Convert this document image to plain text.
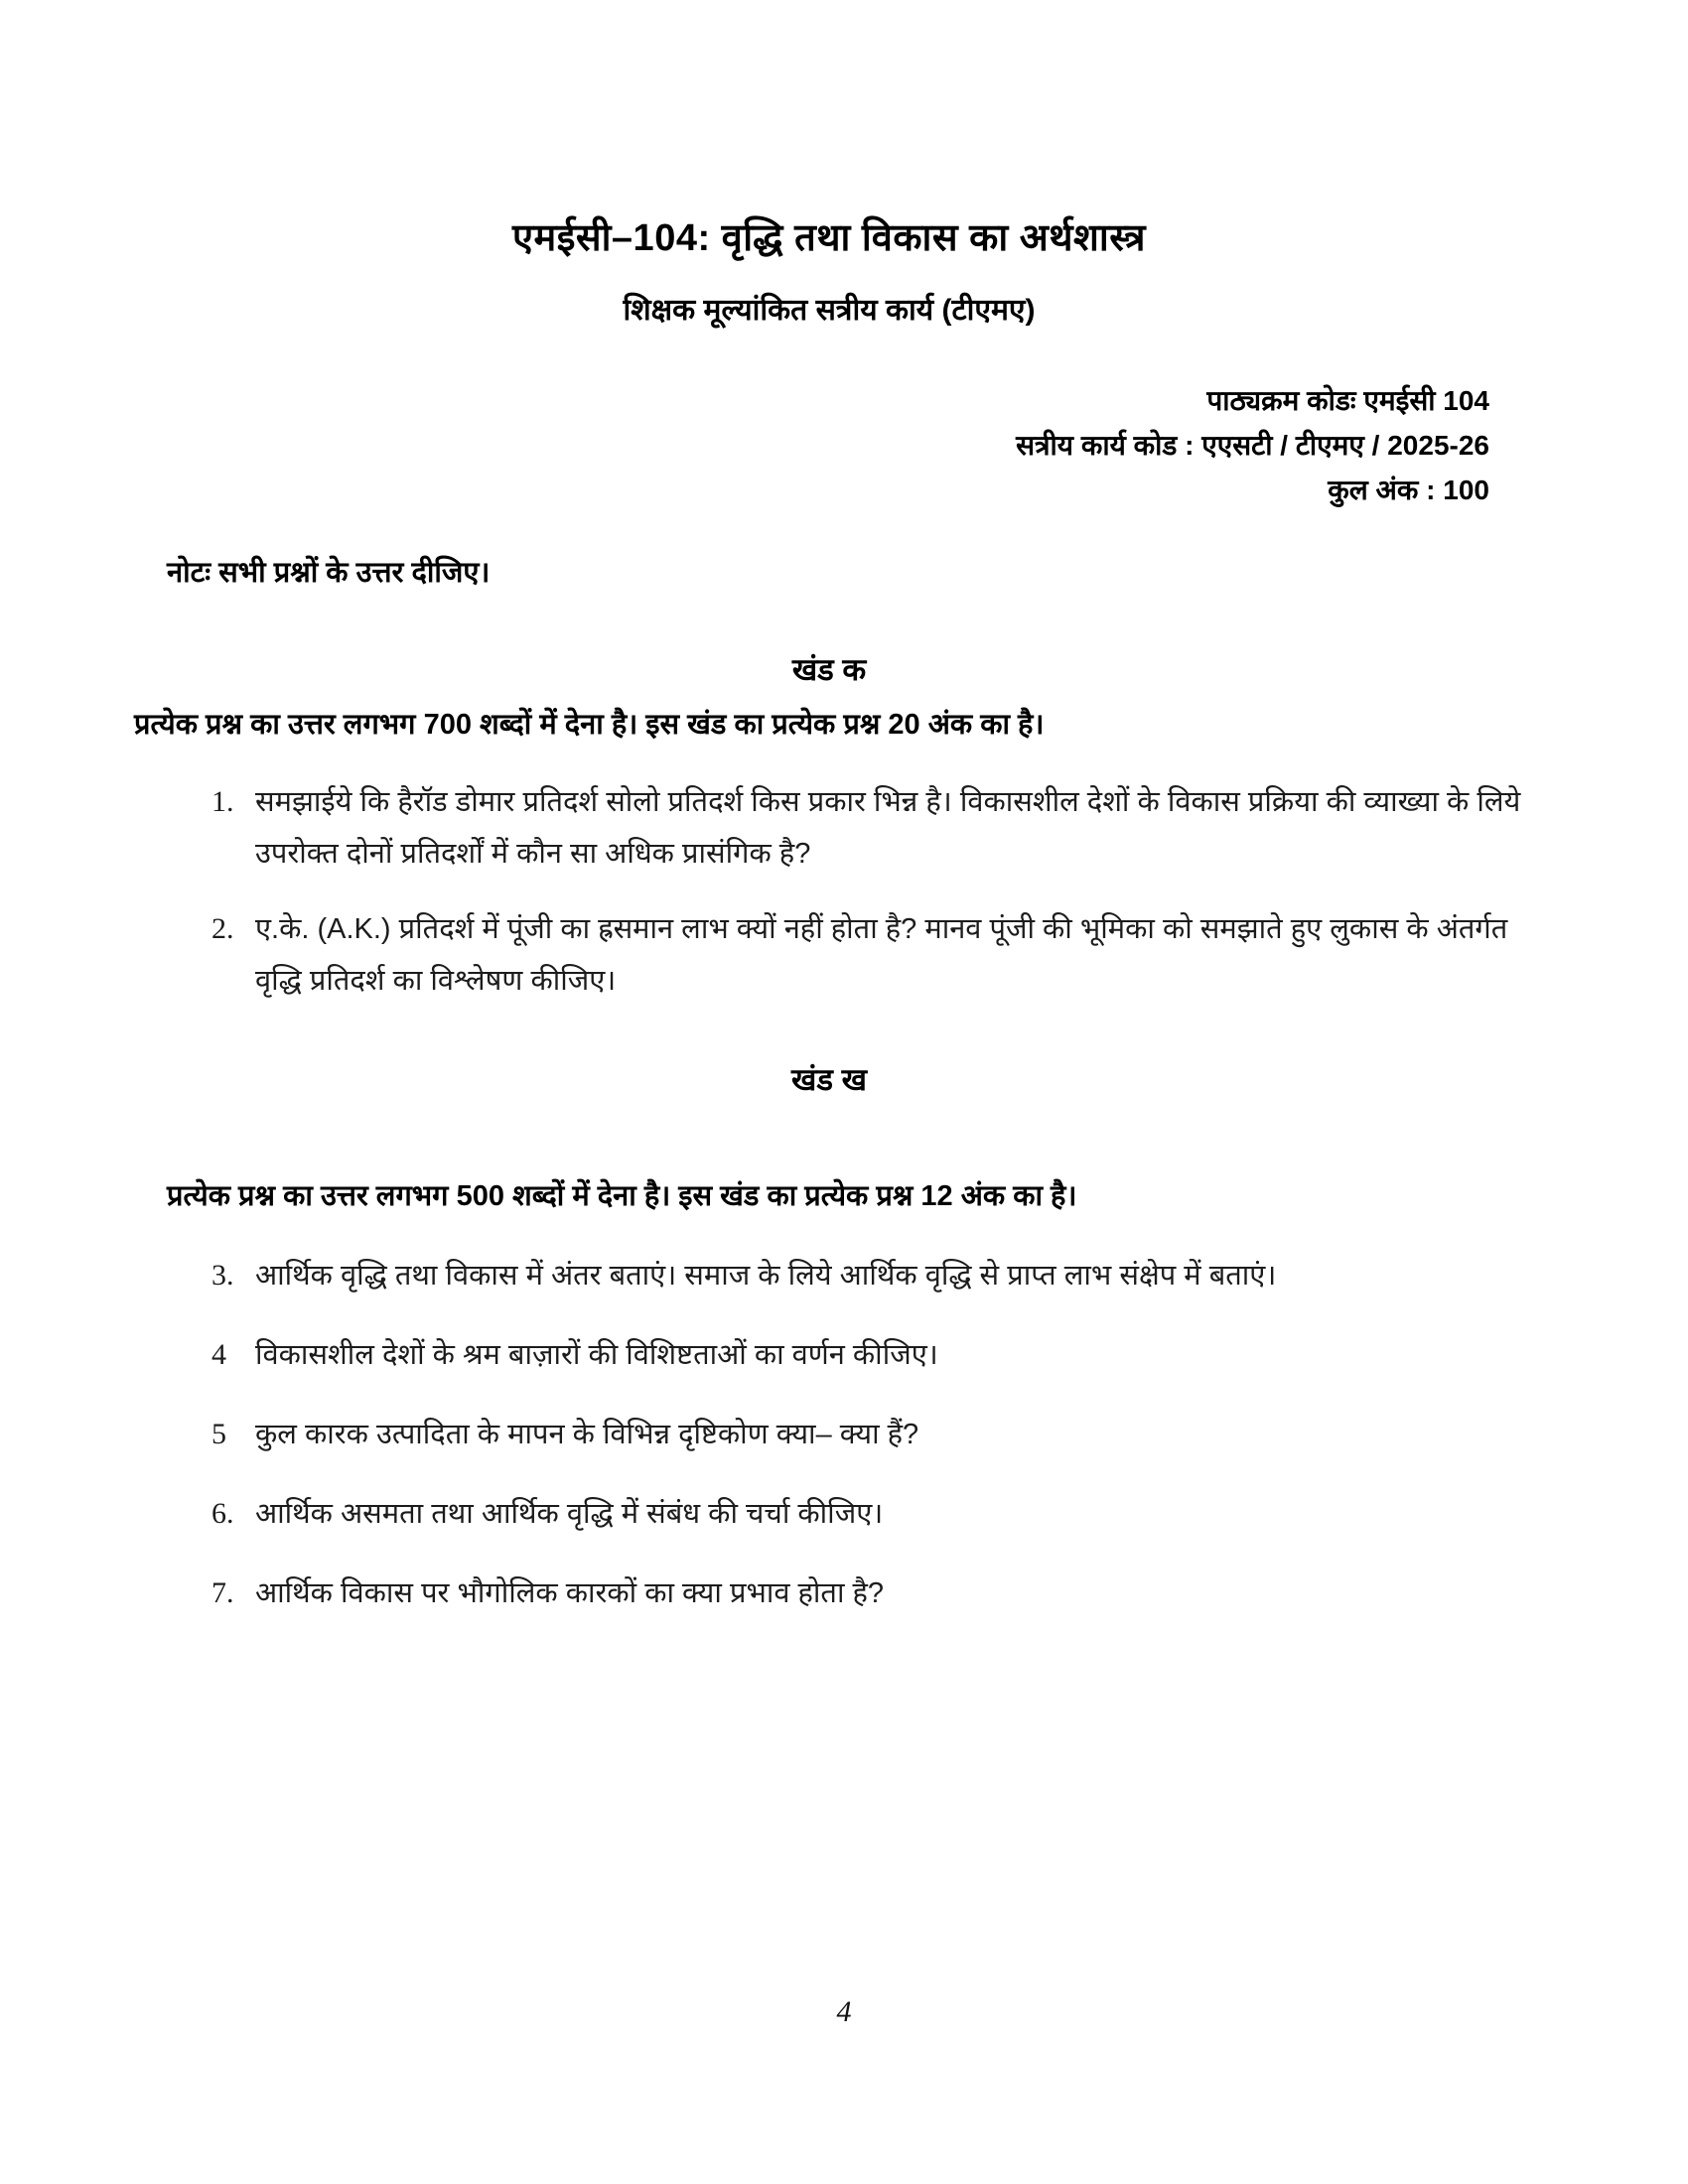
एमईसी–104: वृद्धि तथा विकास का अर्थशास्त्र
शिक्षक मूल्यांकित सत्रीय कार्य (टीएमए)
पाठ्यक्रम कोडः एमईसी 104
सत्रीय कार्य कोड : एएसटी / टीएमए / 2025-26
कुल अंक : 100
नोटः सभी प्रश्नों के उत्तर दीजिए।
खंड क
प्रत्येक प्रश्न का उत्तर लगभग 700 शब्दों में देना है। इस खंड का प्रत्येक प्रश्न 20 अंक का है।
1. समझाईये कि हैरॉड डोमार प्रतिदर्श सोलो प्रतिदर्श किस प्रकार भिन्न है। विकासशील देशों के विकास प्रक्रिया की व्याख्या के लिये उपरोक्त दोनों प्रतिदर्शों में कौन सा अधिक प्रासंगिक है?
2. ए.के. (A.K.) प्रतिदर्श में पूंजी का ह्रसमान लाभ क्यों नहीं होता है? मानव पूंजी की भूमिका को समझाते हुए लुकास के अंतर्गत वृद्धि प्रतिदर्श का विश्लेषण कीजिए।
खंड ख
प्रत्येक प्रश्न का उत्तर लगभग 500 शब्दों में देना है। इस खंड का प्रत्येक प्रश्न 12 अंक का है।
3. आर्थिक वृद्धि तथा विकास में अंतर बताएं। समाज के लिये आर्थिक वृद्धि से प्राप्त लाभ संक्षेप में बताएं।
4	विकासशील देशों के श्रम बाज़ारों की विशिष्टताओं का वर्णन कीजिए।
5	कुल कारक उत्पादिता के मापन के विभिन्न दृष्टिकोण क्या– क्या हैं?
6. आर्थिक असमता तथा आर्थिक वृद्धि में संबंध की चर्चा कीजिए।
7. आर्थिक विकास पर भौगोलिक कारकों का क्या प्रभाव होता है?
4
